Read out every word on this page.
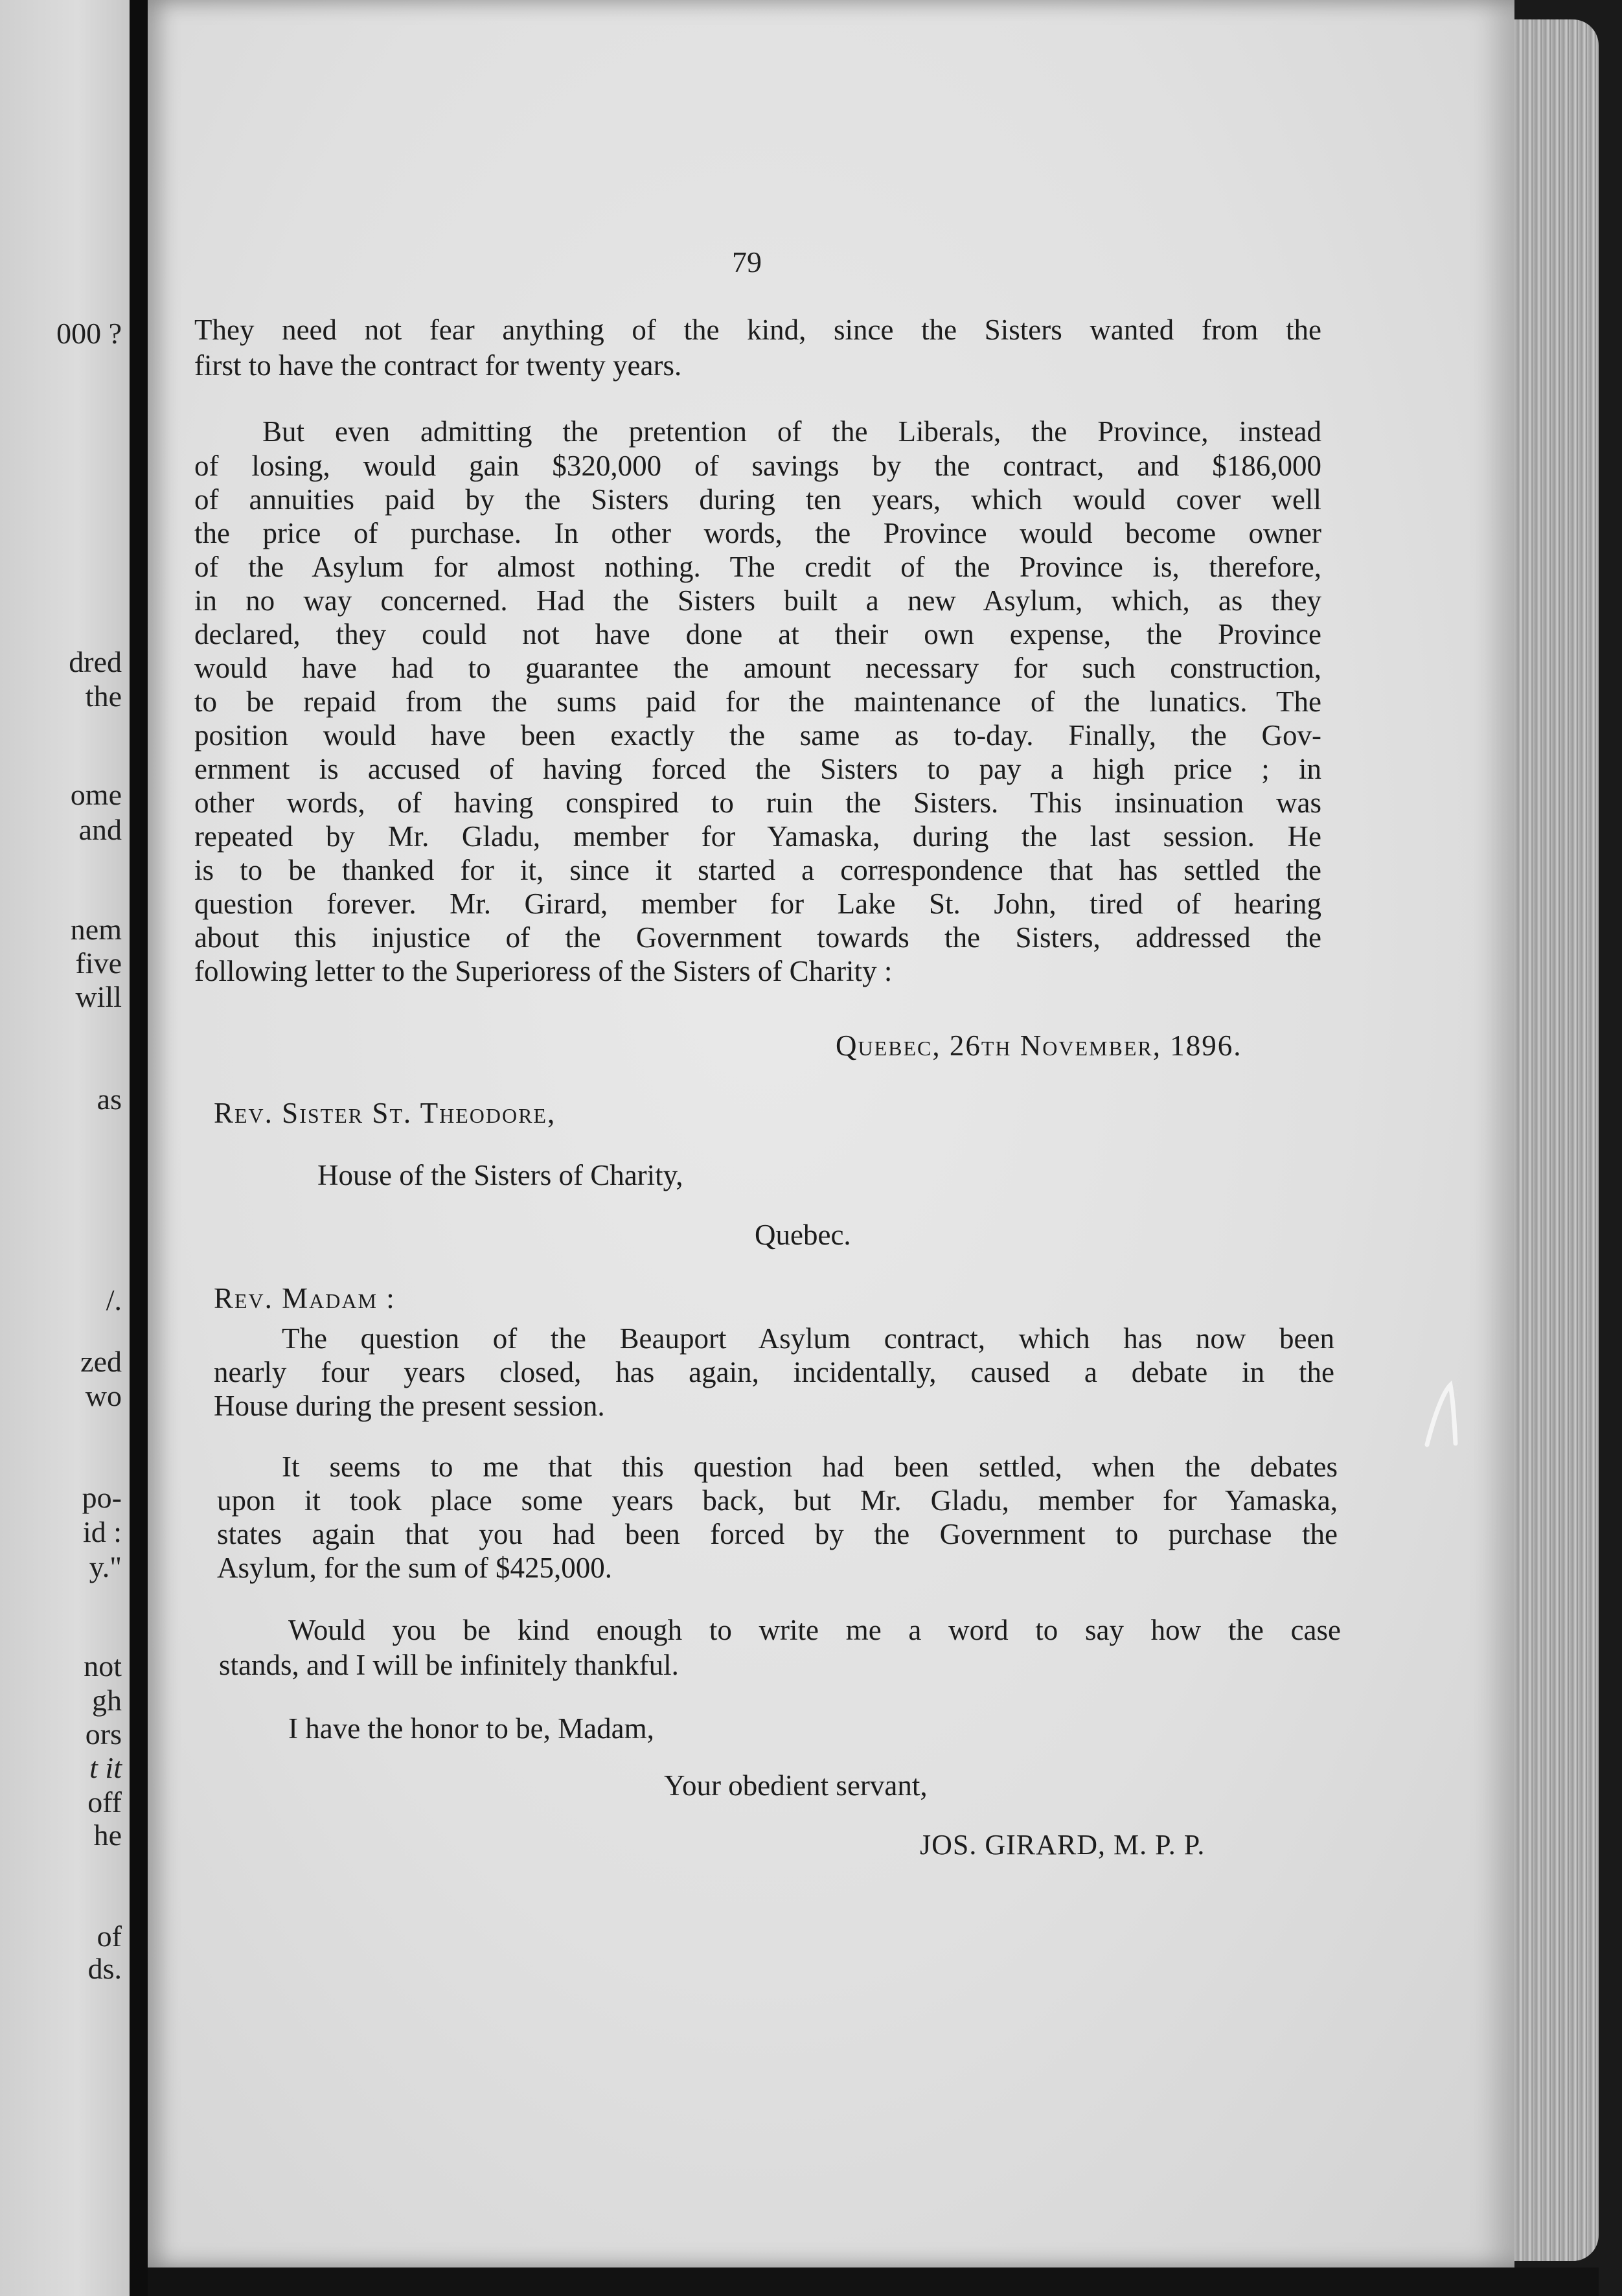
000 ?
dred
the
ome
and
nem
five
will
as
/.
zed
wo
po-
id :
y."
not
gh
ors
t it
off
he
of
ds.
79
They need not fear anything of the kind, since the Sisters wanted from the
first to have the contract for twenty years.
But even admitting the pretention of the Liberals, the Province, instead
of losing, would gain $320,000 of savings by the contract, and $186,000
of annuities paid by the Sisters during ten years, which would cover well
the price of purchase. In other words, the Province would become owner
of the Asylum for almost nothing. The credit of the Province is, therefore,
in no way concerned. Had the Sisters built a new Asylum, which, as they
declared, they could not have done at their own expense, the Province
would have had to guarantee the amount necessary for such construction,
to be repaid from the sums paid for the maintenance of the lunatics. The
position would have been exactly the same as to-day. Finally, the Gov-
ernment is accused of having forced the Sisters to pay a high price ; in
other words, of having conspired to ruin the Sisters. This insinuation was
repeated by Mr. Gladu, member for Yamaska, during the last session. He
is to be thanked for it, since it started a correspondence that has settled the
question forever. Mr. Girard, member for Lake St. John, tired of hearing
about this injustice of the Government towards the Sisters, addressed the
following letter to the Superioress of the Sisters of Charity :
Quebec, 26th November, 1896.
Rev. Sister St. Theodore,
House of the Sisters of Charity,
Quebec.
Rev. Madam :
The question of the Beauport Asylum contract, which has now been
nearly four years closed, has again, incidentally, caused a debate in the
House during the present session.
It seems to me that this question had been settled, when the debates
upon it took place some years back, but Mr. Gladu, member for Yamaska,
states again that you had been forced by the Government to purchase the
Asylum, for the sum of $425,000.
Would you be kind enough to write me a word to say how the case
stands, and I will be infinitely thankful.
I have the honor to be, Madam,
Your obedient servant,
JOS. GIRARD, M. P. P.
